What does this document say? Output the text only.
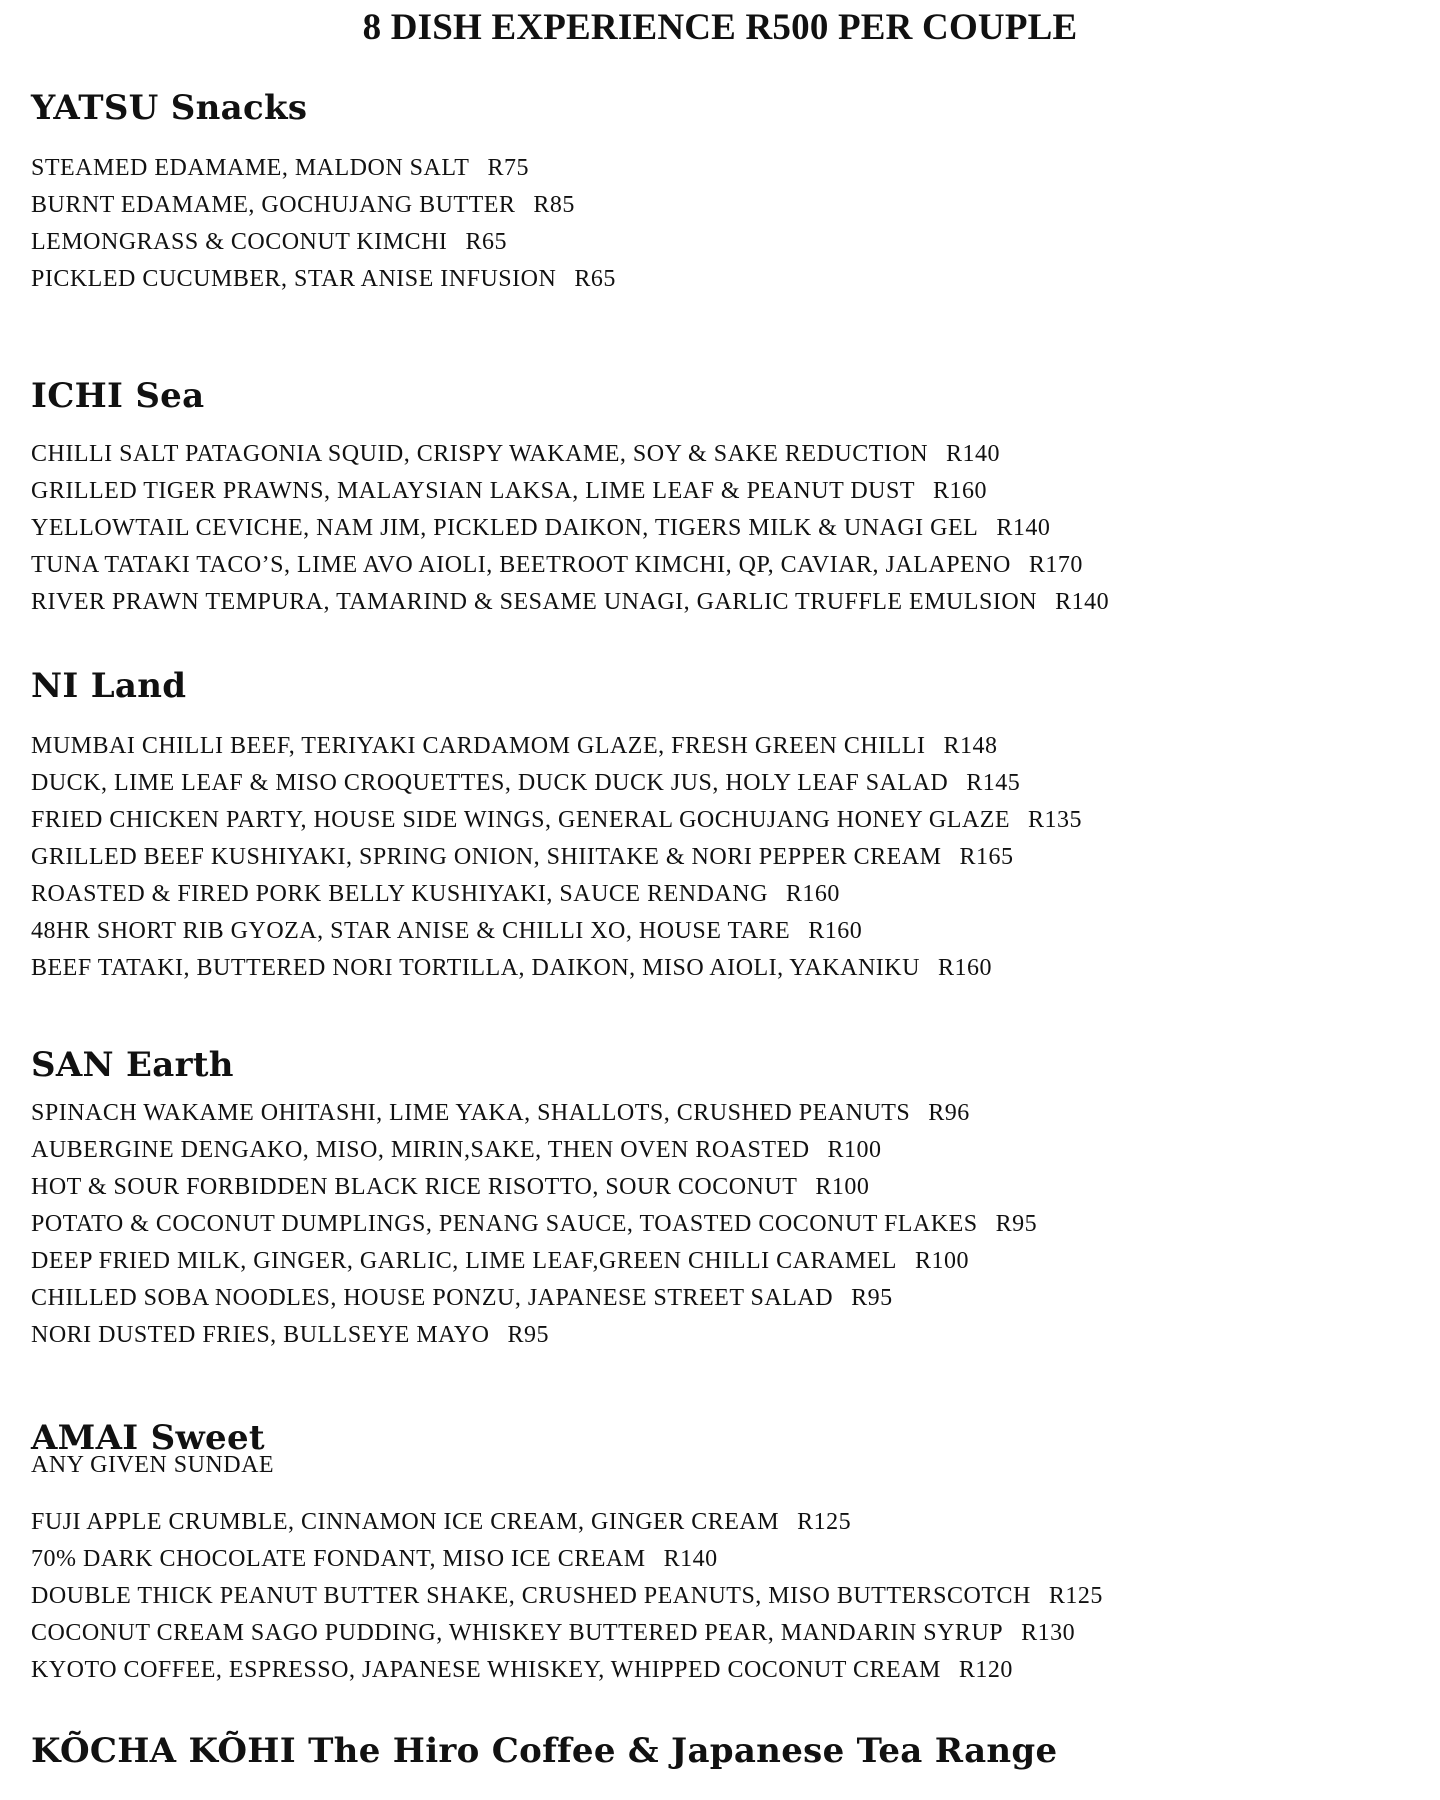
8 DISH EXPERIENCE R500 PER COUPLE
YATSU Snacks
STEAMED EDAMAME, MALDON SALT R75
BURNT EDAMAME, GOCHUJANG BUTTER R85
LEMONGRASS & COCONUT KIMCHI R65
PICKLED CUCUMBER, STAR ANISE INFUSION R65
ICHI Sea
CHILLI SALT PATAGONIA SQUID, CRISPY WAKAME, SOY & SAKE REDUCTION R140
GRILLED TIGER PRAWNS, MALAYSIAN LAKSA, LIME LEAF & PEANUT DUST R160
YELLOWTAIL CEVICHE, NAM JIM, PICKLED DAIKON, TIGERS MILK & UNAGI GEL R140
TUNA TATAKI TACO’S, LIME AVO AIOLI, BEETROOT KIMCHI, QP, CAVIAR, JALAPENO R170
RIVER PRAWN TEMPURA, TAMARIND & SESAME UNAGI, GARLIC TRUFFLE EMULSION R140
NI Land
MUMBAI CHILLI BEEF, TERIYAKI CARDAMOM GLAZE, FRESH GREEN CHILLI R148
DUCK, LIME LEAF & MISO CROQUETTES, DUCK DUCK JUS, HOLY LEAF SALAD R145
FRIED CHICKEN PARTY, HOUSE SIDE WINGS, GENERAL GOCHUJANG HONEY GLAZE R135
GRILLED BEEF KUSHIYAKI, SPRING ONION, SHIITAKE & NORI PEPPER CREAM R165
ROASTED & FIRED PORK BELLY KUSHIYAKI, SAUCE RENDANG R160
48HR SHORT RIB GYOZA, STAR ANISE & CHILLI XO, HOUSE TARE R160
BEEF TATAKI, BUTTERED NORI TORTILLA, DAIKON, MISO AIOLI, YAKANIKU R160
SAN Earth
SPINACH WAKAME OHITASHI, LIME YAKA, SHALLOTS, CRUSHED PEANUTS R96
AUBERGINE DENGAKO, MISO, MIRIN,SAKE, THEN OVEN ROASTED R100
HOT & SOUR FORBIDDEN BLACK RICE RISOTTO, SOUR COCONUT R100
POTATO & COCONUT DUMPLINGS, PENANG SAUCE, TOASTED COCONUT FLAKES R95
DEEP FRIED MILK, GINGER, GARLIC, LIME LEAF,GREEN CHILLI CARAMEL R100
CHILLED SOBA NOODLES, HOUSE PONZU, JAPANESE STREET SALAD R95
NORI DUSTED FRIES, BULLSEYE MAYO R95
AMAI Sweet
ANY GIVEN SUNDAE
FUJI APPLE CRUMBLE, CINNAMON ICE CREAM, GINGER CREAM R125
70% DARK CHOCOLATE FONDANT, MISO ICE CREAM R140
DOUBLE THICK PEANUT BUTTER SHAKE, CRUSHED PEANUTS, MISO BUTTERSCOTCH R125
COCONUT CREAM SAGO PUDDING, WHISKEY BUTTERED PEAR, MANDARIN SYRUP R130
KYOTO COFFEE, ESPRESSO, JAPANESE WHISKEY, WHIPPED COCONUT CREAM R120
KÕCHA KÕHI The Hiro Coffee & Japanese Tea Range
